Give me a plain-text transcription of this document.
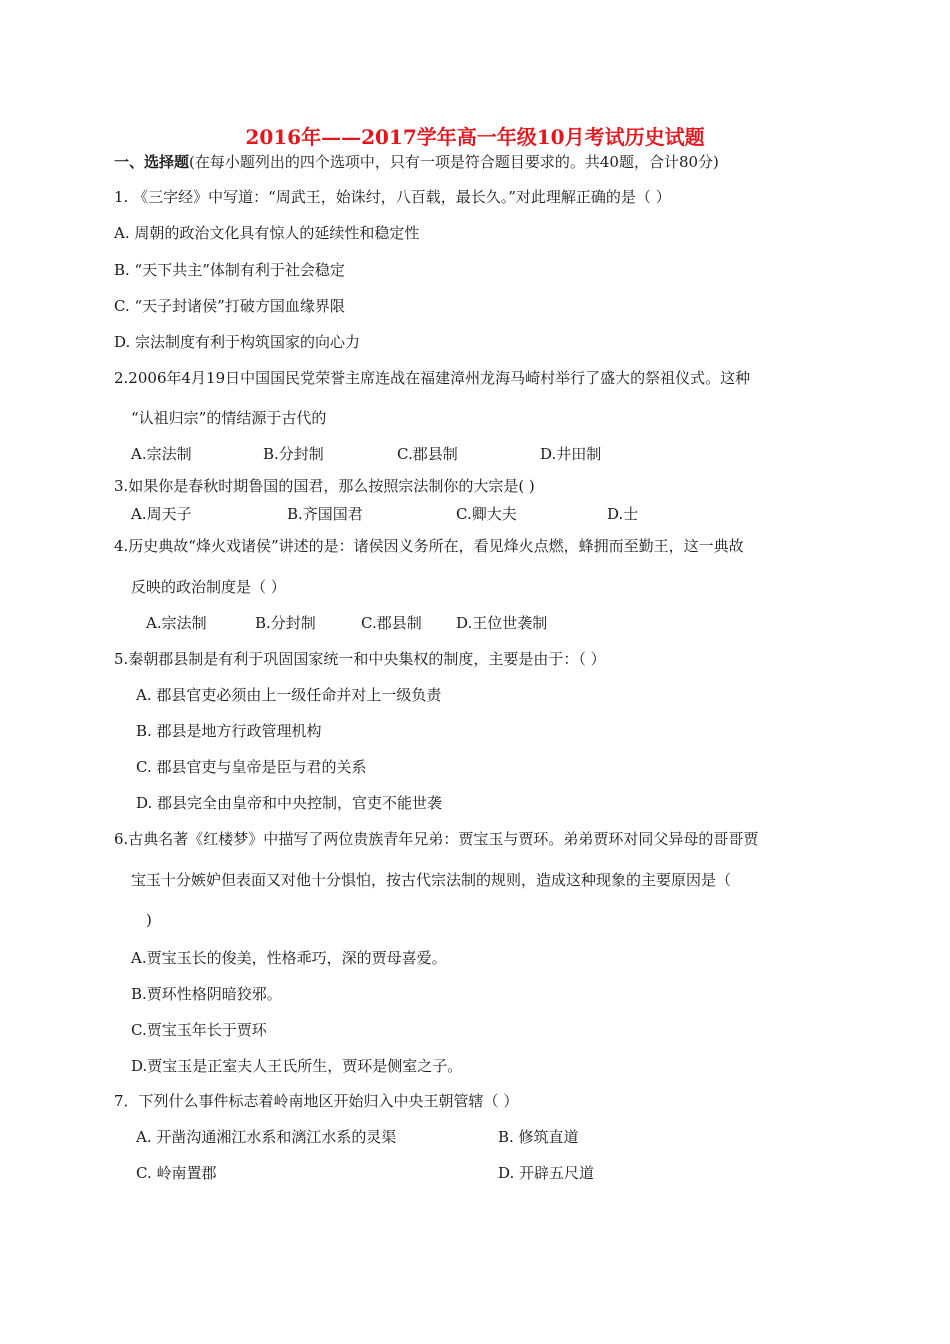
2016年——2017学年高一年级10月考试历史试题
一、选择题(在每小题列出的四个选项中，只有一项是符合题目要求的。共40题，合计80分)
1. 《三字经》中写道：“周武王，始诛纣，八百载，最长久。”对此理解正确的是（ ）
A. 周朝的政治文化具有惊人的延续性和稳定性
B. “天下共主”体制有利于社会稳定
C. “天子封诸侯”打破方国血缘界限
D. 宗法制度有利于构筑国家的向心力
2.2006年4月19日中国国民党荣誉主席连战在福建漳州龙海马崎村举行了盛大的祭祖仪式。这种
“认祖归宗”的情结源于古代的
A.宗法制	B.分封制	C.郡县制	D.井田制
3.如果你是春秋时期鲁国的国君，那么按照宗法制你的大宗是( )
A.周天子	B.齐国国君	C.卿大夫	D.士
4.历史典故“烽火戏诸侯”讲述的是：诸侯因义务所在，看见烽火点燃，蜂拥而至勤王，这一典故
反映的政治制度是（ ）
A.宗法制	B.分封制	C.郡县制 D.王位世袭制
5.秦朝郡县制是有利于巩固国家统一和中央集权的制度，主要是由于：（ ）
A. 郡县官吏必须由上一级任命并对上一级负责
B. 郡县是地方行政管理机构
C. 郡县官吏与皇帝是臣与君的关系
D. 郡县完全由皇帝和中央控制，官吏不能世袭
6.古典名著《红楼梦》中描写了两位贵族青年兄弟：贾宝玉与贾环。弟弟贾环对同父异母的哥哥贾
宝玉十分嫉妒但表面又对他十分惧怕，按古代宗法制的规则，造成这种现象的主要原因是（
)
A.贾宝玉长的俊美，性格乖巧，深的贾母喜爱。
B.贾环性格阴暗狡邪。
C.贾宝玉年长于贾环
D.贾宝玉是正室夫人王氏所生，贾环是侧室之子。
7．下列什么事件标志着岭南地区开始归入中央王朝管辖（ ）
A. 开凿沟通湘江水系和漓江水系的灵渠	B. 修筑直道
C. 岭南置郡	D. 开辟五尺道
